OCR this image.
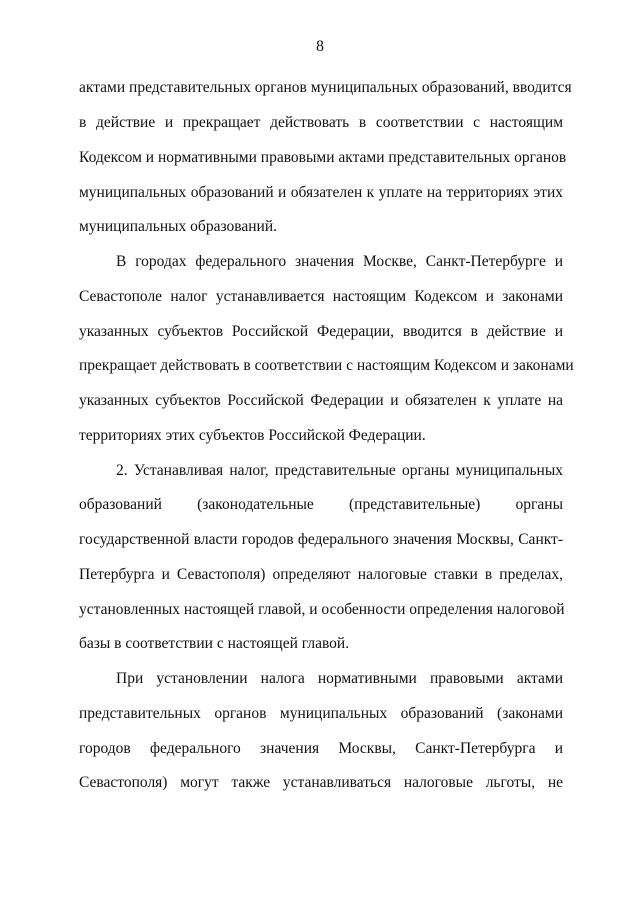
8
актами представительных органов муниципальных образований, вводится
в действие и прекращает действовать в соответствии с настоящим
Кодексом и нормативными правовыми актами представительных органов
муниципальных образований и обязателен к уплате на территориях этих
муниципальных образований.
В городах федерального значения Москве, Санкт-Петербурге и
Севастополе налог устанавливается настоящим Кодексом и законами
указанных субъектов Российской Федерации, вводится в действие и
прекращает действовать в соответствии с настоящим Кодексом и законами
указанных субъектов Российской Федерации и обязателен к уплате на
территориях этих субъектов Российской Федерации.
2. Устанавливая налог, представительные органы муниципальных
образований (законодательные (представительные) органы
государственной власти городов федерального значения Москвы, Санкт-
Петербурга и Севастополя) определяют налоговые ставки в пределах,
установленных настоящей главой, и особенности определения налоговой
базы в соответствии с настоящей главой.
При установлении налога нормативными правовыми актами
представительных органов муниципальных образований (законами
городов федерального значения Москвы, Санкт-Петербурга и
Севастополя) могут также устанавливаться налоговые льготы, не
